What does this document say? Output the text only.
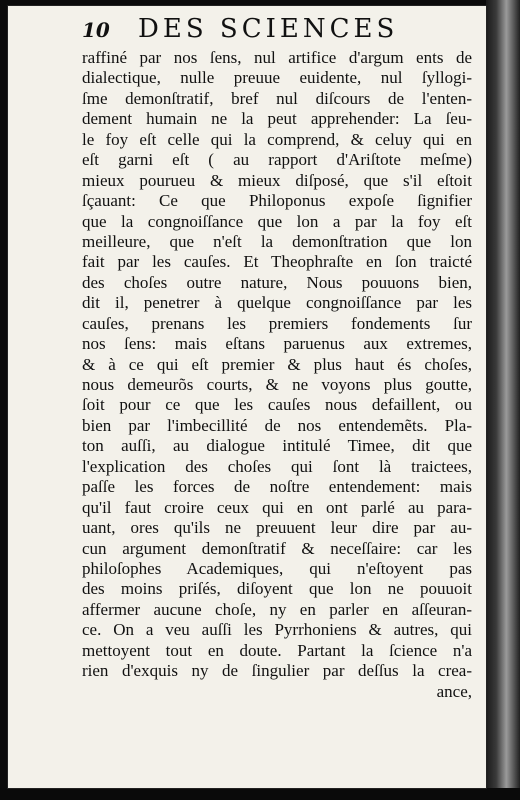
10 DES SCIENCES
raffiné par nos ſens, nul artifice d'argum ents de
dialectique, nulle preuue euidente, nul ſyllogi-
ſme demonſtratif, bref nul diſcours de l'enten-
dement humain ne la peut apprehender: La ſeu-
le foy eſt celle qui la comprend, & celuy qui en
eſt garni eſt ( au rapport d'Ariſtote meſme)
mieux pourueu & mieux diſposé, que s'il eſtoit
ſçauant: Ce que Philoponus expoſe ſignifier
que la congnoiſſance que lon a par la foy eſt
meilleure, que n'eſt la demonſtration que lon
fait par les cauſes. Et Theophraſte en ſon traicté
des choſes outre nature, Nous pouuons bien,
dit il, penetrer à quelque congnoiſſance par les
cauſes, prenans les premiers fondements ſur
nos ſens: mais eſtans paruenus aux extremes,
& à ce qui eſt premier & plus haut és choſes,
nous demeurõs courts, & ne voyons plus goutte,
ſoit pour ce que les cauſes nous defaillent, ou
bien par l'imbecillité de nos entendemẽts. Pla-
ton auſſi, au dialogue intitulé Timee, dit que
l'explication des choſes qui ſont là traictees,
paſſe les forces de noſtre entendement: mais
qu'il faut croire ceux qui en ont parlé au para-
uant, ores qu'ils ne preuuent leur dire par au-
cun argument demonſtratif & neceſſaire: car les
philoſophes Academiques, qui n'eſtoyent pas
des moins priſés, diſoyent que lon ne pouuoit
affermer aucune choſe, ny en parler en aſſeuran-
ce. On a veu auſſi les Pyrrhoniens & autres, qui
mettoyent tout en doute. Partant la ſcience n'a
rien d'exquis ny de ſingulier par deſſus la crea-
ance,
